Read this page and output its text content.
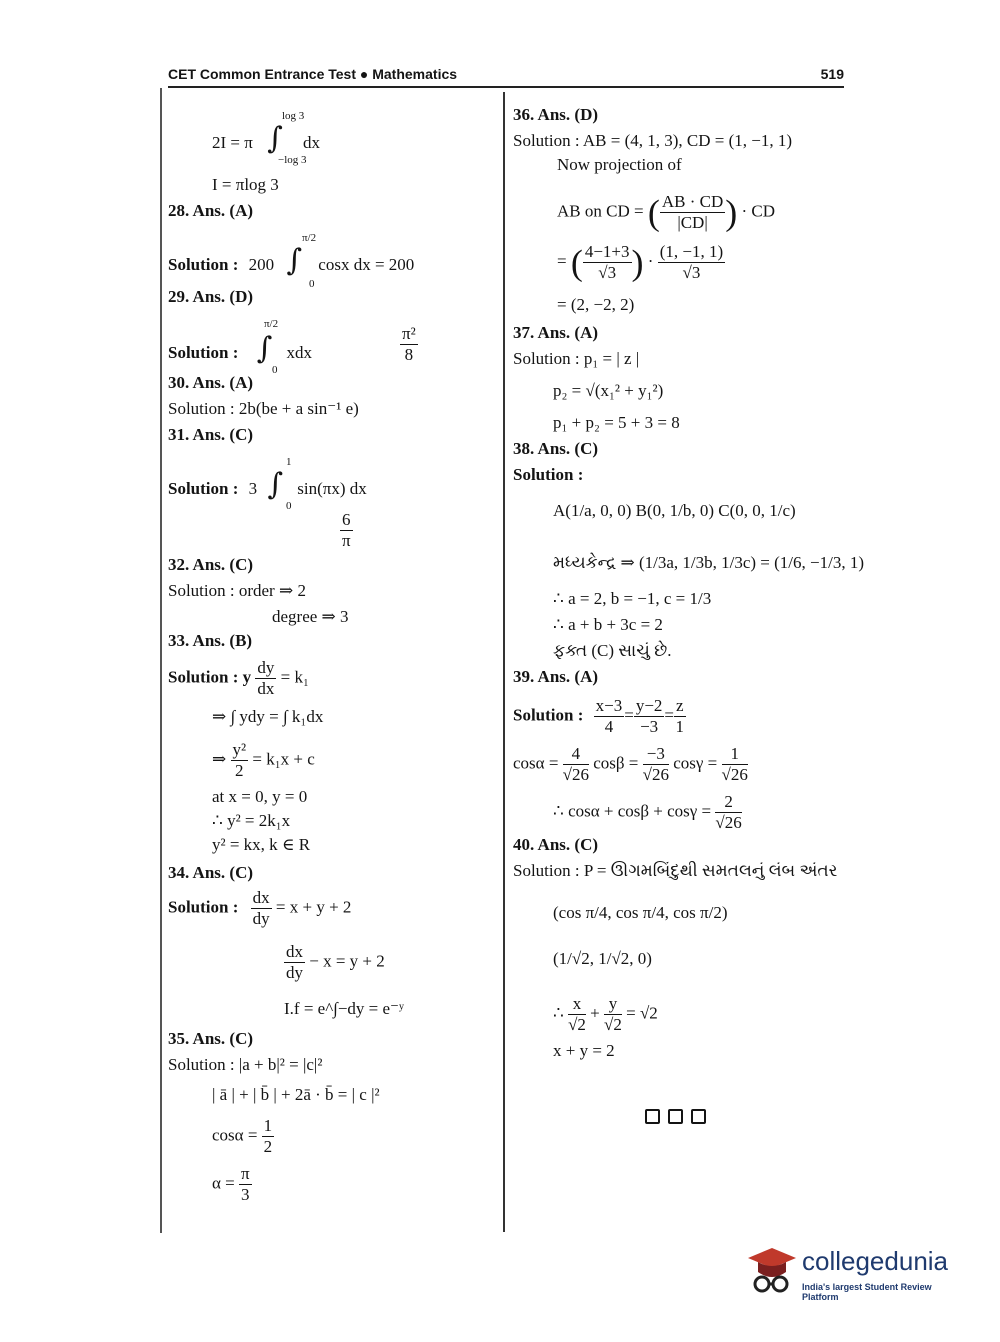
CET Common Entrance Test ● Mathematics	519
2I = π ∫ dx
log 3
−log 3
I = πlog 3
28. Ans. (A)
Solution : 200 ∫ cosx dx = 200
π/2
0
29. Ans. (D)
Solution : ∫ xdx
π/2
0
$\frac{\text{π²}}{8}$
30. Ans. (A)
Solution : 2b(be + a sin⁻¹ e)
31. Ans. (C)
Solution : 3 ∫ sin(πx) dx
1
0
$\frac{6}{\pi}$
32. Ans. (C)
Solution : order ⇒ 2
degree ⇒ 3
33. Ans. (B)
Solution : y $\frac{dy}{dx} = k_1$
⇒ ∫ ydy = ∫ k₁dx
⇒ $\frac{\text{y²}}{2} = k_1x + c$
at x = 0, y = 0
∴ y² = 2k₁x
y² = kx, k ∈ R
34. Ans. (C)
Solution : $\frac{dx}{dy} = x + y + 2$
$\frac{dx}{dy} - x = y + 2$
I.f = e^∫−dy = e⁻ʸ
35. Ans. (C)
Solution : |a + b|² = |c|²
| ā | + | b̄ | + 2ā · b̄ = | c |²
$\cos\alpha = \frac{1}{2}$
$\alpha = \frac{\pi}{3}$
36. Ans. (D)
Solution : AB = (4, 1, 3), CD = (1, −1, 1)
Now projection of
AB on CD = ( $\frac{AB \cdot CD}{|CD|}$ ) · CD
= ( $\frac{4-1+3}{√3}$ ) · $\frac{(1, -1, 1)}{√3}$
= (2, −2, 2)
37. Ans. (A)
Solution : p₁ = | z |
p₂ = √(x₁² + y₁²)
p₁ + p₂ = 5 + 3 = 8
38. Ans. (C)
Solution :
A(1/a, 0, 0) B(0, 1/b, 0) C(0, 0, 1/c)
મધ્યકેન્દ્ર ⇒ (1/3a, 1/3b, 1/3c) = (1/6, −1/3, 1)
∴ a = 2, b = −1, c = 1/3
∴ a + b + 3c = 2
ફક્ત (C) સાચું છે.
39. Ans. (A)
Solution : $\frac{x-3}{4} = \frac{y-2}{-3} = \frac{z}{1}$
$\cos\alpha = \frac{4}{√26}$ $\cos\beta = \frac{-3}{√26}$ $\cos\gamma = \frac{1}{√26}$
∴ $\cos\alpha + \cos\beta + \cos\gamma = \frac{2}{√26}$
40. Ans. (C)
Solution : P = ઊગમબિંદુથી સમતલનું લંબ અંતર
(cos π/4, cos π/4, cos π/2)
(1/√2, 1/√2, 0)
∴ $\frac{x}{√2} + \frac{y}{√2} = √2$
x + y = 2
collegedunia
India's largest Student Review Platform
